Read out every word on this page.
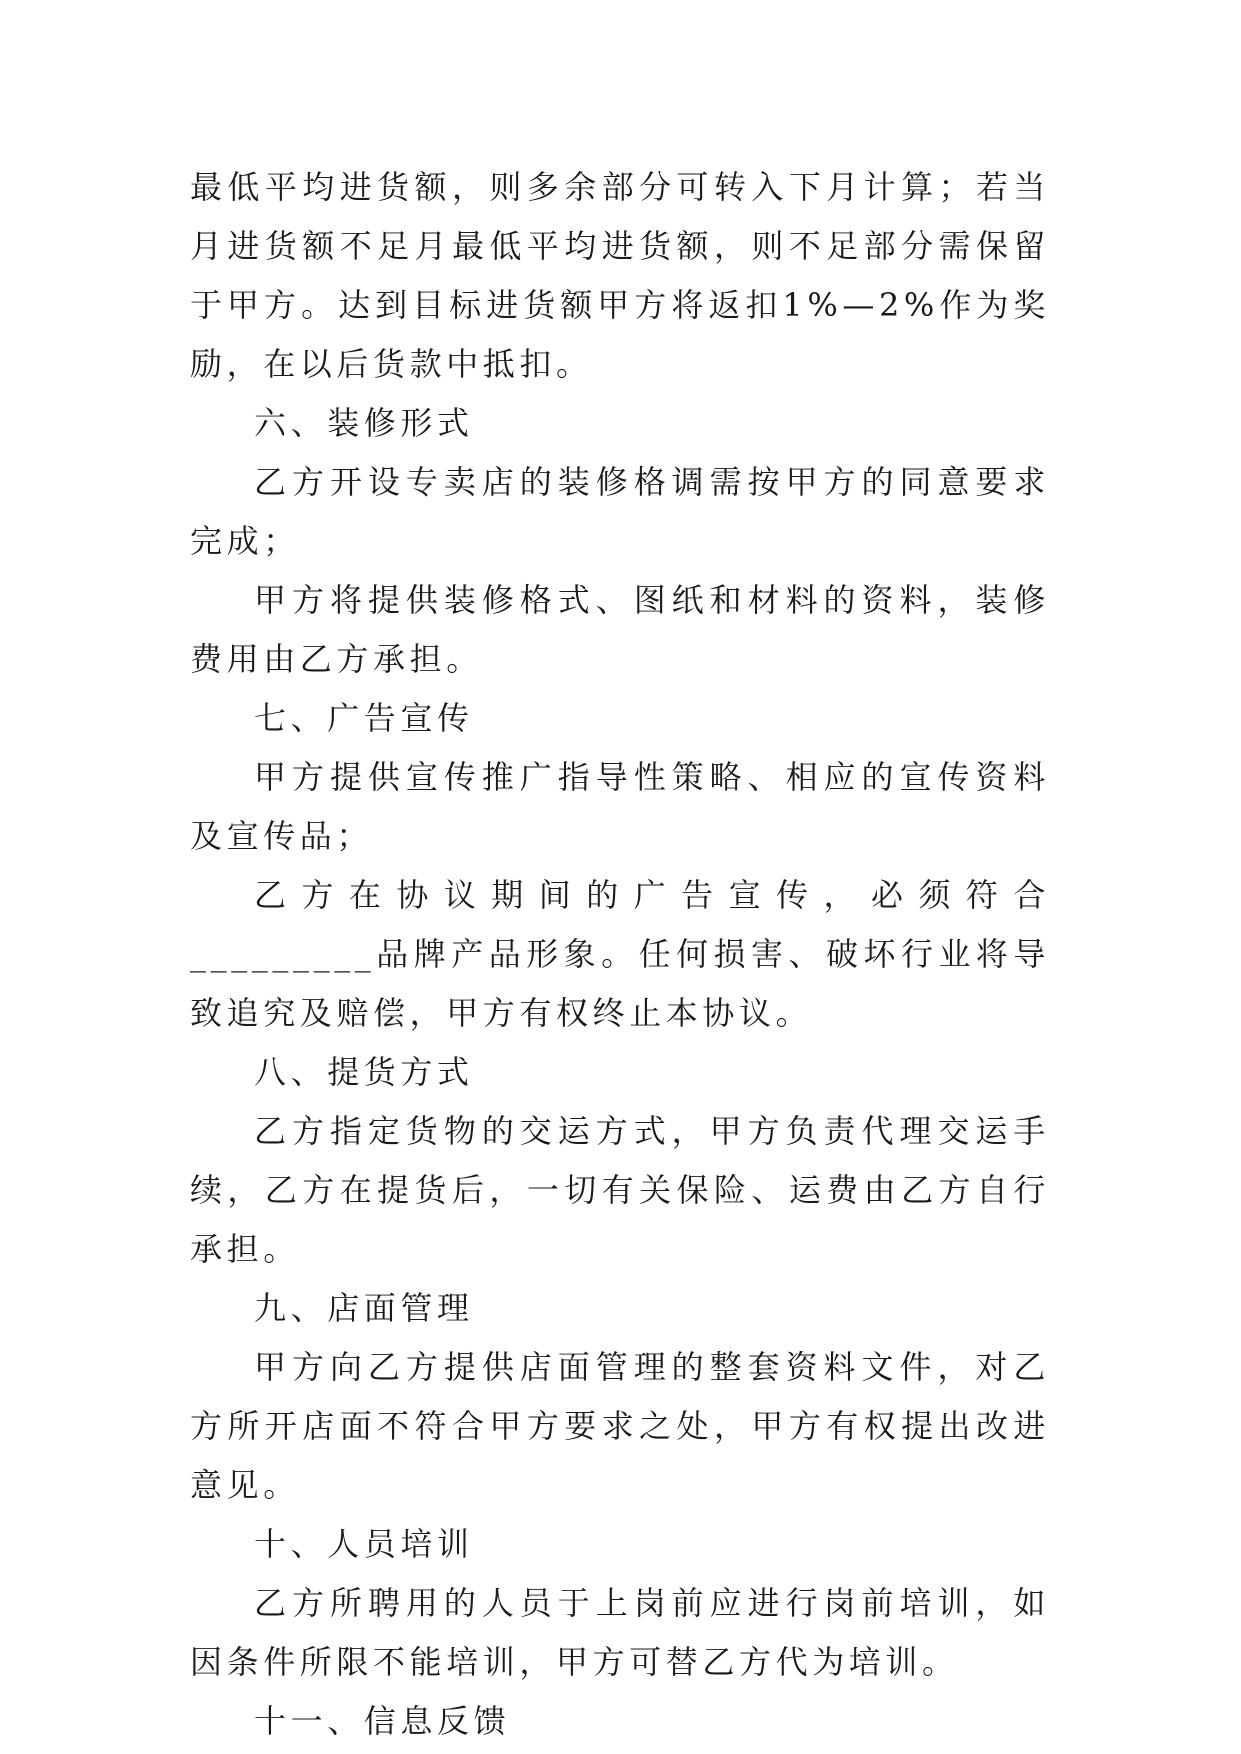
最低平均进货额，则多余部分可转入下月计算；若当月进货额不足月最低平均进货额，则不足部分需保留于甲方。达到目标进货额甲方将返扣1%—2%作为奖励，在以后货款中抵扣。

六、装修形式

乙方开设专卖店的装修格调需按甲方的同意要求完成；

甲方将提供装修格式、图纸和材料的资料，装修费用由乙方承担。

七、广告宣传

甲方提供宣传推广指导性策略、相应的宣传资料及宣传品；

乙方在协议期间的广告宣传，必须符合_________品牌产品形象。任何损害、破坏行业将导致追究及赔偿，甲方有权终止本协议。

八、提货方式

乙方指定货物的交运方式，甲方负责代理交运手续，乙方在提货后，一切有关保险、运费由乙方自行承担。

九、店面管理

甲方向乙方提供店面管理的整套资料文件，对乙方所开店面不符合甲方要求之处，甲方有权提出改进意见。

十、人员培训

乙方所聘用的人员于上岗前应进行岗前培训，如因条件所限不能培训，甲方可替乙方代为培训。

十一、信息反馈
